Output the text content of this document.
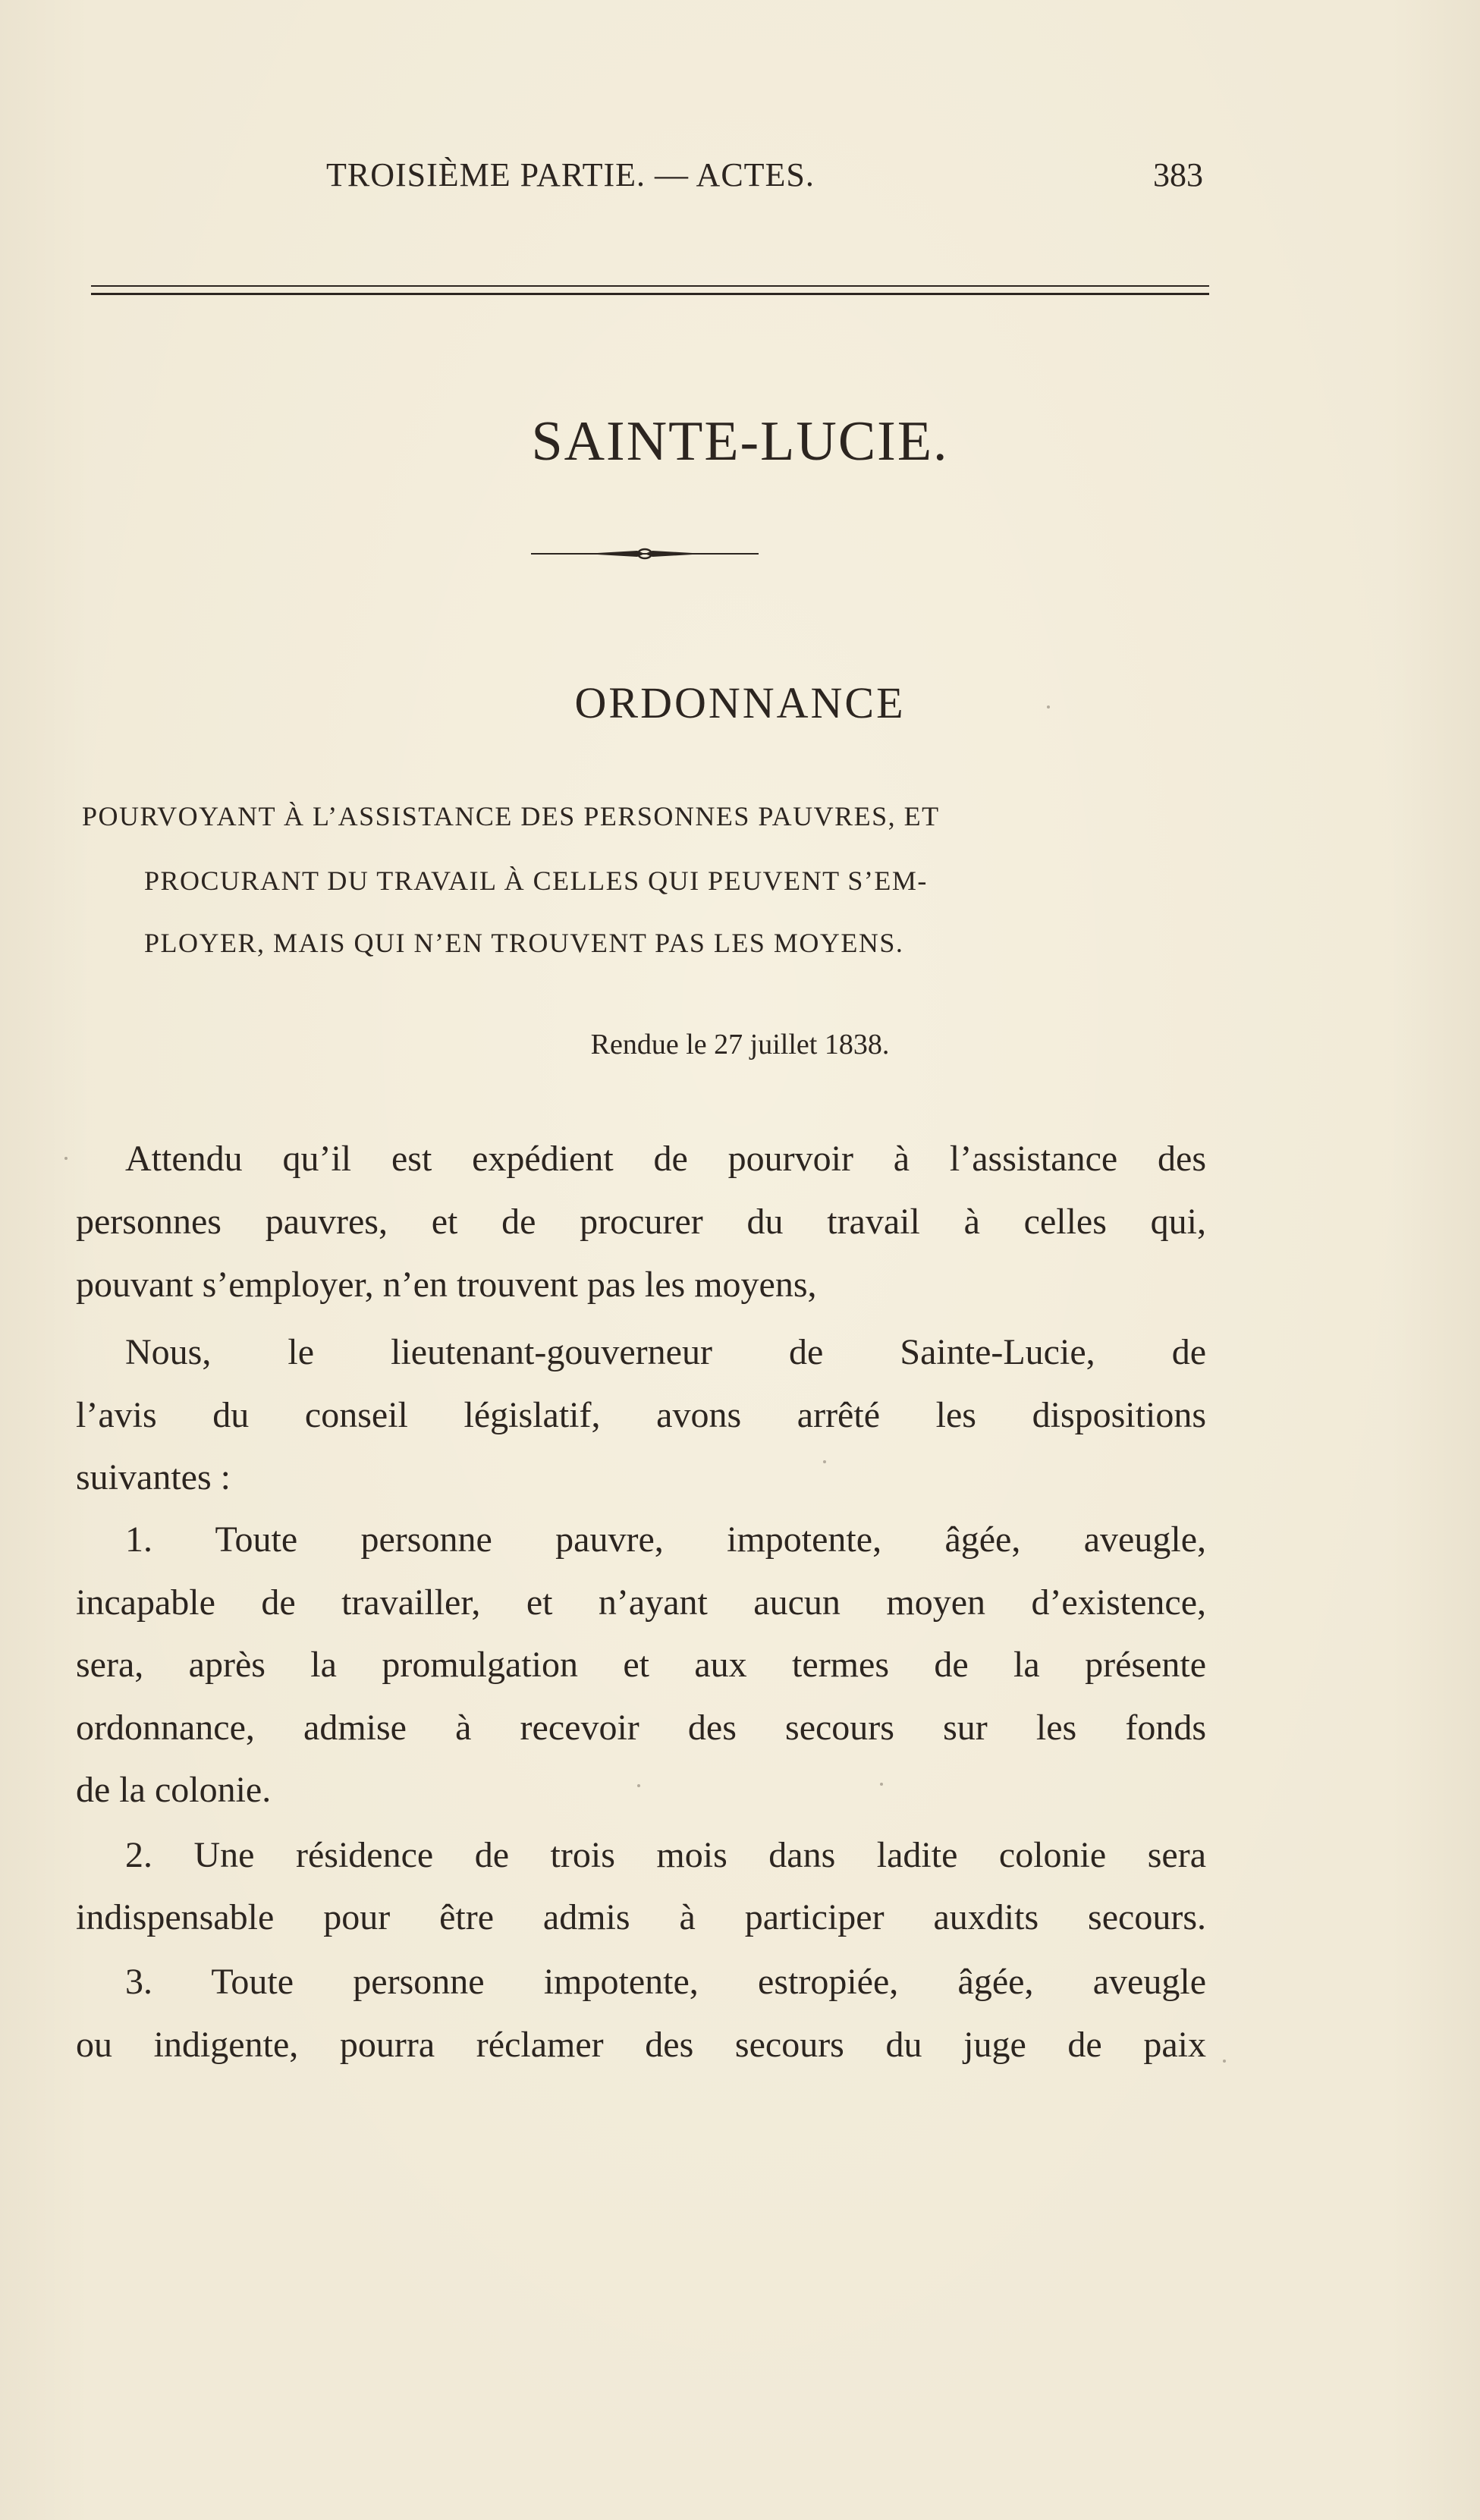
TROISIÈME PARTIE. — ACTES.	383
SAINTE-LUCIE.
ORDONNANCE
POURVOYANT À L’ASSISTANCE DES PERSONNES PAUVRES, ET
PROCURANT DU TRAVAIL À CELLES QUI PEUVENT S’EM-
PLOYER, MAIS QUI N’EN TROUVENT PAS LES MOYENS.
Rendue le 27 juillet 1838.
Attendu qu’il est expédient de pourvoir à l’assistance des
personnes pauvres, et de procurer du travail à celles qui,
pouvant s’employer, n’en trouvent pas les moyens,
Nous, le lieutenant-gouverneur de Sainte-Lucie, de
l’avis du conseil législatif, avons arrêté les dispositions
suivantes :
1. Toute personne pauvre, impotente, âgée, aveugle,
incapable de travailler, et n’ayant aucun moyen d’existence,
sera, après la promulgation et aux termes de la présente
ordonnance, admise à recevoir des secours sur les fonds
de la colonie.
2. Une résidence de trois mois dans ladite colonie sera
indispensable pour être admis à participer auxdits secours.
3. Toute personne impotente, estropiée, âgée, aveugle
ou indigente, pourra réclamer des secours du juge de paix
